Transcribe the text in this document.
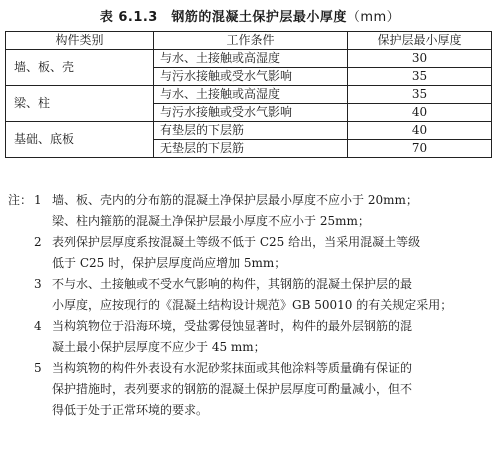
表 6.1.3　钢筋的混凝土保护层最小厚度（mm）
构件类别	工作条件	保护层最小厚度
墙、板、壳	与水、土接触或高湿度	30
	与污水接触或受水气影响	35
梁、柱	与水、土接触或高湿度	35
	与污水接触或受水气影响	40
基础、底板	有垫层的下层筋	40
	无垫层的下层筋	70
注： 1 墙、板、壳内的分布筋的混凝土净保护层最小厚度不应小于 20mm；
梁、柱内箍筋的混凝土净保护层最小厚度不应小于 25mm；
2 表列保护层厚度系按混凝土等级不低于 C25 给出，当采用混凝土等级
低于 C25 时，保护层厚度尚应增加 5mm；
3 不与水、土接触或不受水气影响的构件，其钢筋的混凝土保护层的最
小厚度，应按现行的《混凝土结构设计规范》GB 50010 的有关规定采用；
4 当构筑物位于沿海环境，受盐雾侵蚀显著时，构件的最外层钢筋的混
凝土最小保护层厚度不应少于 45 mm；
5 当构筑物的构件外表设有水泥砂浆抹面或其他涂料等质量确有保证的
保护措施时，表列要求的钢筋的混凝土保护层厚度可酌量减小，但不
得低于处于正常环境的要求。
